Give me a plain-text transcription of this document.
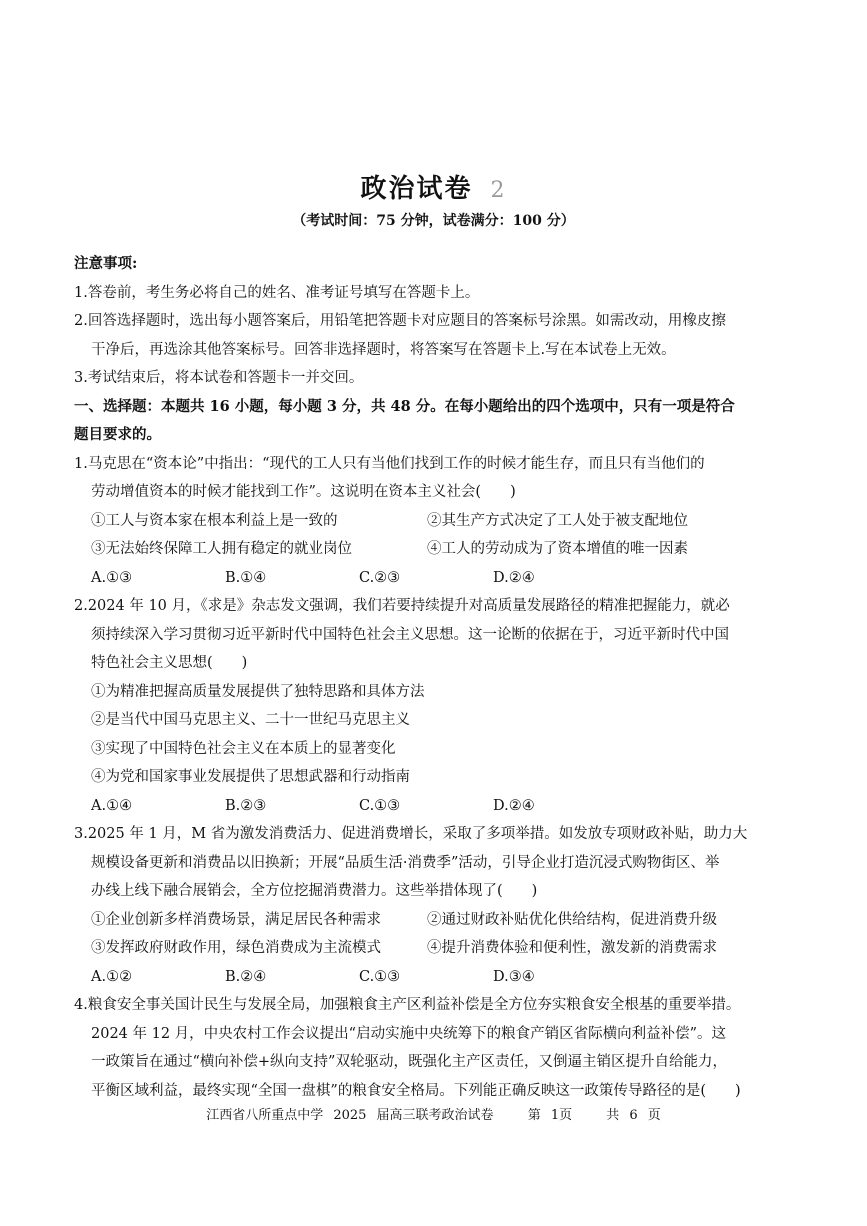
政治试卷 2
（考试时间：75 分钟，试卷满分：100 分）
注意事项:
1.答卷前，考生务必将自己的姓名、准考证号填写在答题卡上。
2.回答选择题时，选出每小题答案后，用铅笔把答题卡对应题目的答案标号涂黑。如需改动，用橡皮擦
干净后，再选涂其他答案标号。回答非选择题时，将答案写在答题卡上.写在本试卷上无效。
3.考试结束后，将本试卷和答题卡一并交回。
一、选择题：本题共 16 小题，每小题 3 分，共 48 分。在每小题给出的四个选项中，只有一项是符合
题目要求的。
1.马克思在“资本论”中指出：“现代的工人只有当他们找到工作的时候才能生存，而且只有当他们的
劳动增值资本的时候才能找到工作”。这说明在资本主义社会(　　)
①工人与资本家在根本利益上是一致的	②其生产方式决定了工人处于被支配地位
③无法始终保障工人拥有稳定的就业岗位	④工人的劳动成为了资本增值的唯一因素
A.①③	B.①④	C.②③	D.②④
2.2024 年 10 月，《求是》杂志发文强调，我们若要持续提升对高质量发展路径的精准把握能力，就必
须持续深入学习贯彻习近平新时代中国特色社会主义思想。这一论断的依据在于，习近平新时代中国
特色社会主义思想(　　)
①为精准把握高质量发展提供了独特思路和具体方法
②是当代中国马克思主义、二十一世纪马克思主义
③实现了中国特色社会主义在本质上的显著变化
④为党和国家事业发展提供了思想武器和行动指南
A.①④	B.②③	C.①③	D.②④
3.2025 年 1 月，M 省为激发消费活力、促进消费增长，采取了多项举措。如发放专项财政补贴，助力大
规模设备更新和消费品以旧换新；开展“品质生活·消费季”活动，引导企业打造沉浸式购物街区、举
办线上线下融合展销会，全方位挖掘消费潜力。这些举措体现了(　　)
①企业创新多样消费场景，满足居民各种需求	②通过财政补贴优化供给结构，促进消费升级
③发挥政府财政作用，绿色消费成为主流模式	④提升消费体验和便利性，激发新的消费需求
A.①②	B.②④	C.①③	D.③④
4.粮食安全事关国计民生与发展全局，加强粮食主产区利益补偿是全方位夯实粮食安全根基的重要举措。
2024 年 12 月，中央农村工作会议提出“启动实施中央统筹下的粮食产销区省际横向利益补偿”。这
一政策旨在通过“横向补偿+纵向支持”双轮驱动，既强化主产区责任，又倒逼主销区提升自给能力，
平衡区域利益，最终实现“全国一盘棋”的粮食安全格局。下列能正确反映这一政策传导路径的是(　　)
江西省八所重点中学 2025 届高三联考政治试卷	第 1页	共 6 页
